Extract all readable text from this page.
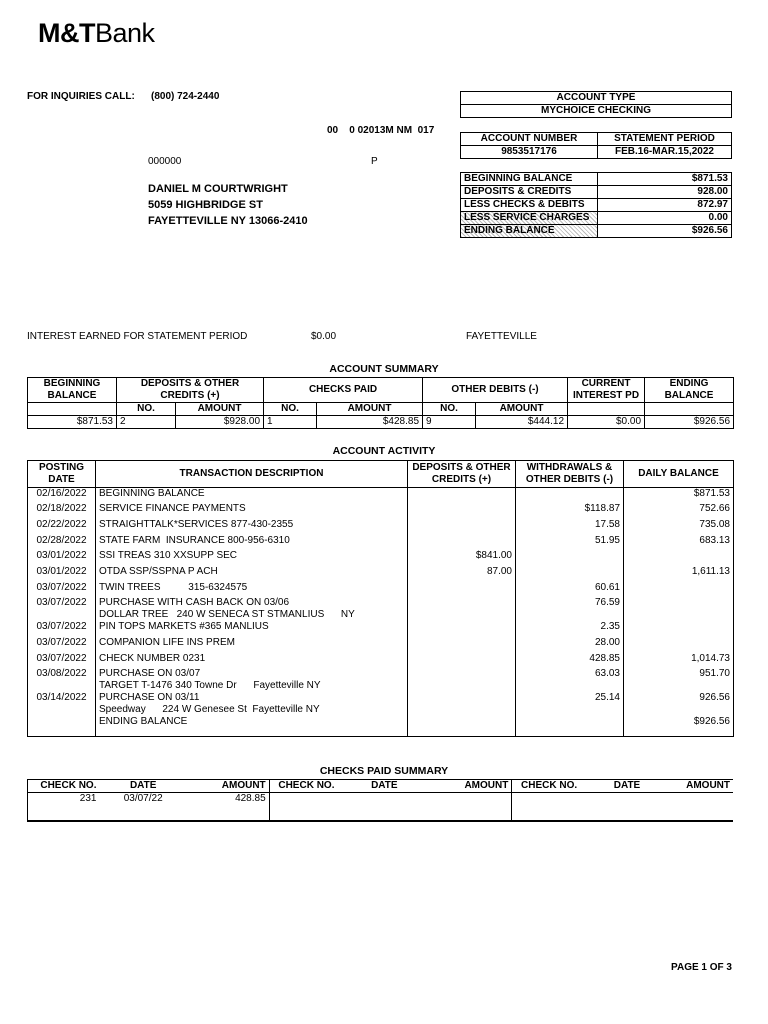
M&TBank
FOR INQUIRIES CALL: (800) 724-2440
00    0 02013M NM  017
000000	P
DANIEL M COURTWRIGHT
5059 HIGHBRIDGE ST
FAYETTEVILLE NY 13066-2410
ACCOUNT TYPE
MYCHOICE CHECKING
ACCOUNT NUMBER	STATEMENT PERIOD
9853517176	FEB.16-MAR.15,2022
BEGINNING BALANCE	$871.53
DEPOSITS & CREDITS	928.00
LESS CHECKS & DEBITS	872.97
LESS SERVICE CHARGES	0.00
ENDING BALANCE	$926.56
INTEREST EARNED FOR STATEMENT PERIOD	$0.00	FAYETTEVILLE
ACCOUNT SUMMARY
BEGINNING BALANCE	DEPOSITS & OTHER CREDITS (+)		CHECKS PAID		OTHER DEBITS (-)		CURRENT INTEREST PD	ENDING BALANCE

	NO.	AMOUNT	NO.	AMOUNT	NO.	AMOUNT		
$871.53	2	$928.00	1	$428.85	9	$444.12	$0.00	$926.56
ACCOUNT ACTIVITY
POSTING DATE	TRANSACTION DESCRIPTION	DEPOSITS & OTHER CREDITS (+)	WITHDRAWALS & OTHER DEBITS (-)	DAILY BALANCE

02/16/2022	BEGINNING BALANCE			$871.53

02/18/2022	SERVICE FINANCE PAYMENTS		$118.87	752.66

02/22/2022	STRAIGHTTALK*SERVICES 877-430-2355		17.58	735.08

02/28/2022	STATE FARM  INSURANCE 800-956-6310		51.95	683.13

03/01/2022	SSI TREAS 310 XXSUPP SEC	$841.00		

03/01/2022	OTDA SSP/SSPNA P ACH	87.00		1,611.13

03/07/2022	TWIN TREES          315-6324575		60.61	

03/07/2022	PURCHASE WITH CASH BACK ON 03/06
DOLLAR TREE   240 W SENECA ST STMANLIUS      NY		76.59	

03/07/2022	PIN TOPS MARKETS #365 MANLIUS		2.35	

03/07/2022	COMPANION LIFE INS PREM		28.00	

03/07/2022	CHECK NUMBER 0231		428.85	1,014.73

03/08/2022	PURCHASE ON 03/07
TARGET T-1476 340 Towne Dr      Fayetteville NY		63.03	951.70

03/14/2022	PURCHASE ON 03/11
Speedway      224 W Genesee St  Fayetteville NY		25.14	926.56

	ENDING BALANCE			$926.56
CHECKS PAID SUMMARY
CHECK NO.	DATE	AMOUNT	CHECK NO.	DATE	AMOUNT	CHECK NO.	DATE	AMOUNT
231	03/07/22	428.85						
PAGE 1 OF 3
